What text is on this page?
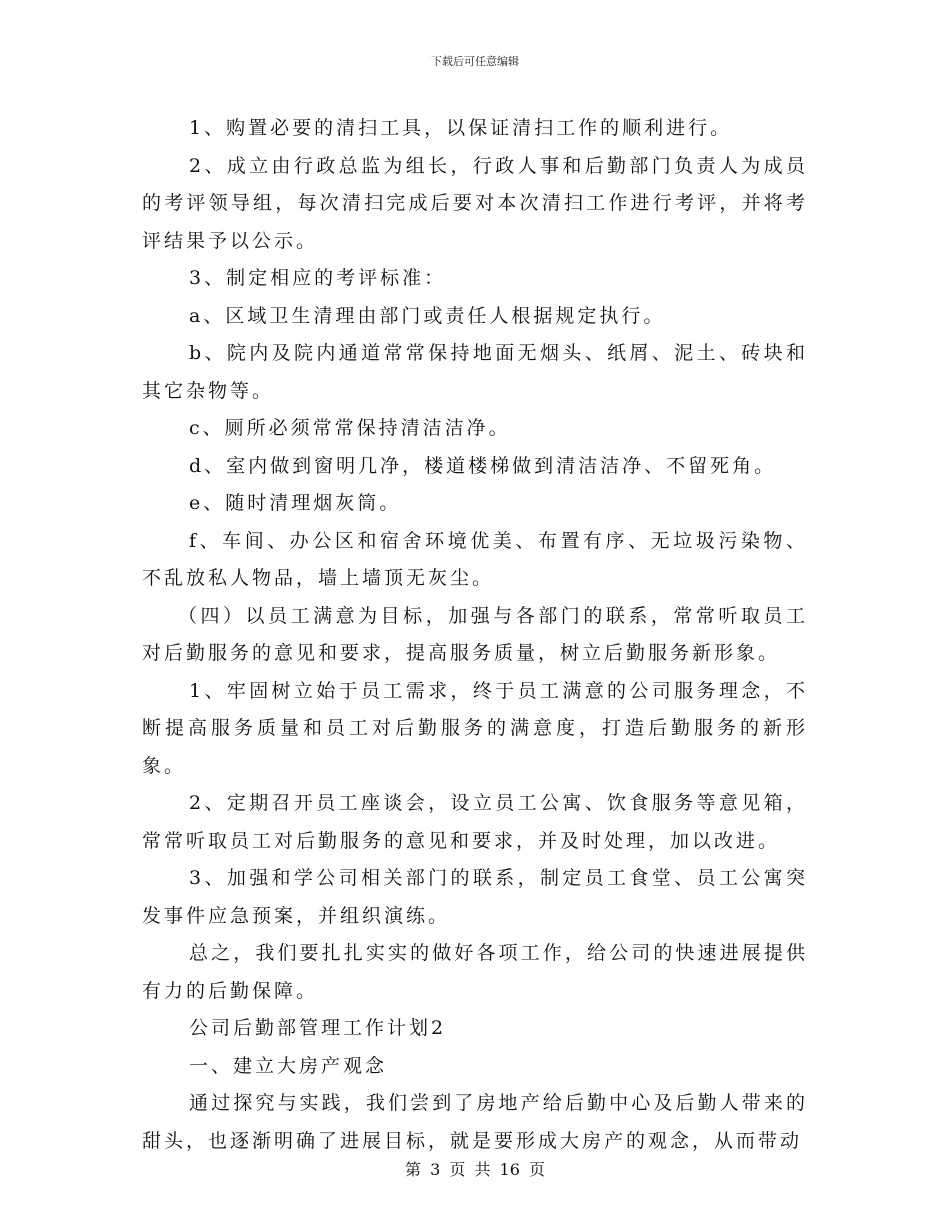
下载后可任意编辑

1、购置必要的清扫工具，以保证清扫工作的顺利进行。

2、成立由行政总监为组长，行政人事和后勤部门负责人为成员的考评领导组，每次清扫完成后要对本次清扫工作进行考评，并将考评结果予以公示。

3、制定相应的考评标准：

a、区域卫生清理由部门或责任人根据规定执行。

b、院内及院内通道常常保持地面无烟头、纸屑、泥土、砖块和其它杂物等。

c、厕所必须常常保持清洁洁净。

d、室内做到窗明几净，楼道楼梯做到清洁洁净、不留死角。

e、随时清理烟灰筒。

f、车间、办公区和宿舍环境优美、布置有序、无垃圾污染物、不乱放私人物品，墙上墙顶无灰尘。

（四）以员工满意为目标，加强与各部门的联系，常常听取员工对后勤服务的意见和要求，提高服务质量，树立后勤服务新形象。

1、牢固树立始于员工需求，终于员工满意的公司服务理念，不断提高服务质量和员工对后勤服务的满意度，打造后勤服务的新形象。

2、定期召开员工座谈会，设立员工公寓、饮食服务等意见箱，常常听取员工对后勤服务的意见和要求，并及时处理，加以改进。

3、加强和学公司相关部门的联系，制定员工食堂、员工公寓突发事件应急预案，并组织演练。

总之，我们要扎扎实实的做好各项工作，给公司的快速进展提供有力的后勤保障。

公司后勤部管理工作计划2

一、建立大房产观念

通过探究与实践，我们尝到了房地产给后勤中心及后勤人带来的甜头，也逐渐明确了进展目标，就是要形成大房产的观念，从而带动

第 3 页 共 16 页
